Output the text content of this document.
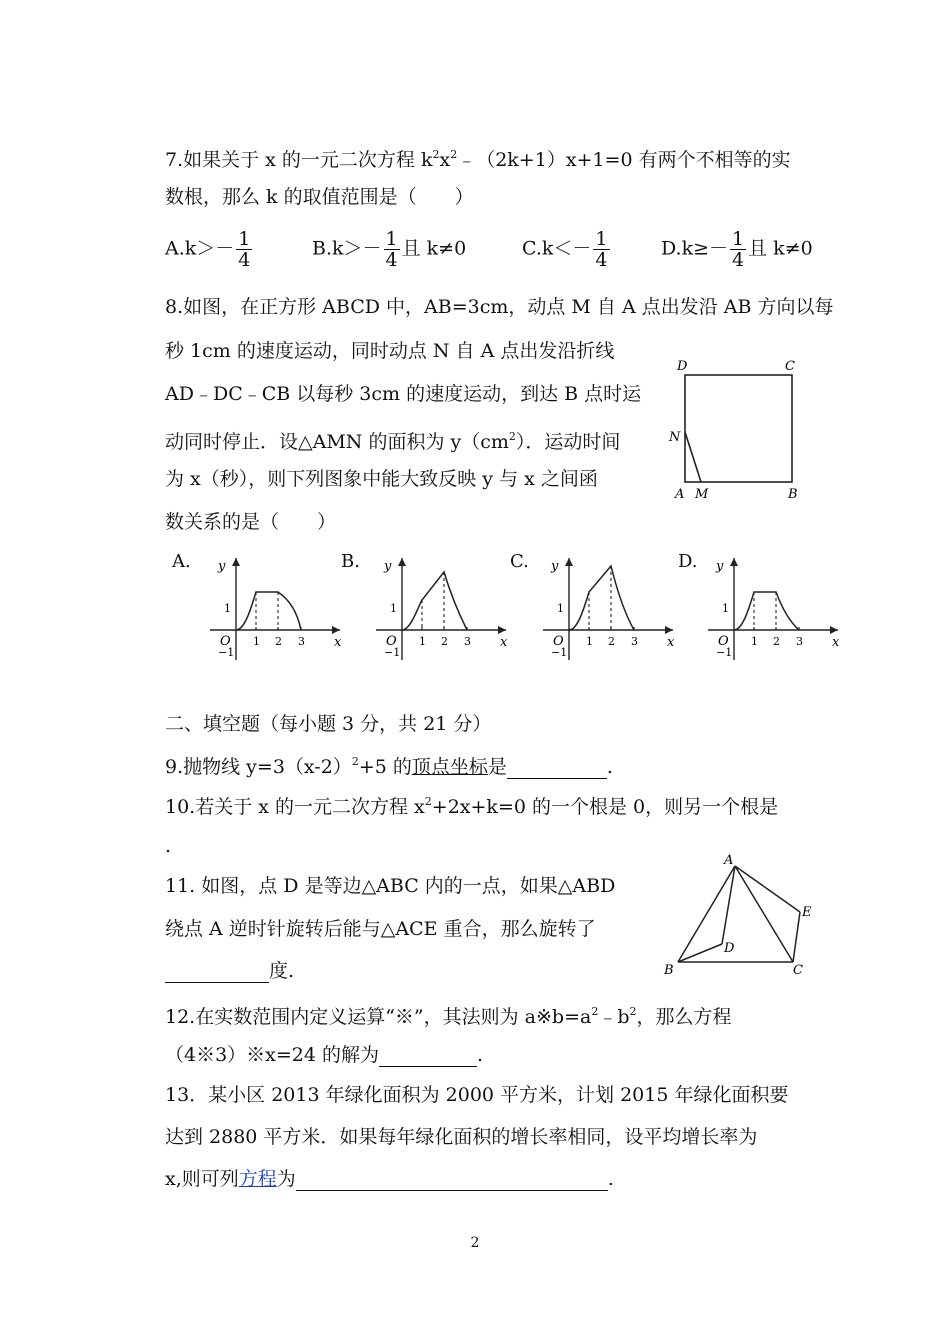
7.如果关于 x 的一元二次方程 $k^2x^2﹣(2k+1)x+1=0$ 有两个不相等的实
数根，那么 k 的取值范围是（　　）
$A.k>- \frac{1}{4}$	$B.k>- \frac{1}{4}$ 且 k≠0	$C.k<- \frac{1}{4}$	$D.k\ge- \frac{1}{4}$ 且 k≠0
8.如图，在正方形 ABCD 中，AB=3cm，动点 M 自 A 点出发沿 AB 方向以每
秒 1cm 的速度运动，同时动点 N 自 A 点出发沿折线
AD﹣DC﹣CB 以每秒 3cm 的速度运动，到达 B 点时运
动同时停止．设△AMN 的面积为 $y(cm^2)$．运动时间
为 x（秒），则下列图象中能大致反映 y 与 x 之间函
数关系的是（　　）
D	C
N
A M	B
A.	B.	C.	D.
y
x
O
1
−1
1 2 3
y
x
O
1
−1
1 2 3
y
x
O
1
−1
1 2 3
y
x
O
1
−1
1 2 3
二、填空题（每小题 3 分，共 21 分）
9.抛物线 $y=3(x-2)^2+5$ 的顶点坐标是	.
10.若关于 x 的一元二次方程 $x^2+2x+k=0$ 的一个根是 0，则另一个根是
.
11. 如图，点 D 是等边△ABC 内的一点，如果△ABD
绕点 A 逆时针旋转后能与△ACE 重合，那么旋转了
度.
A
B	C
D
E
12.在实数范围内定义运算“※”，其法则为 $a※b=a^2﹣b^2$，那么方程
（4※3）※x=24 的解为	.
13．某小区 2013 年绿化面积为 2000 平方米，计划 2015 年绿化面积要
达到 2880 平方米．如果每年绿化面积的增长率相同，设平均增长率为
x,则可列方程为	.
2
